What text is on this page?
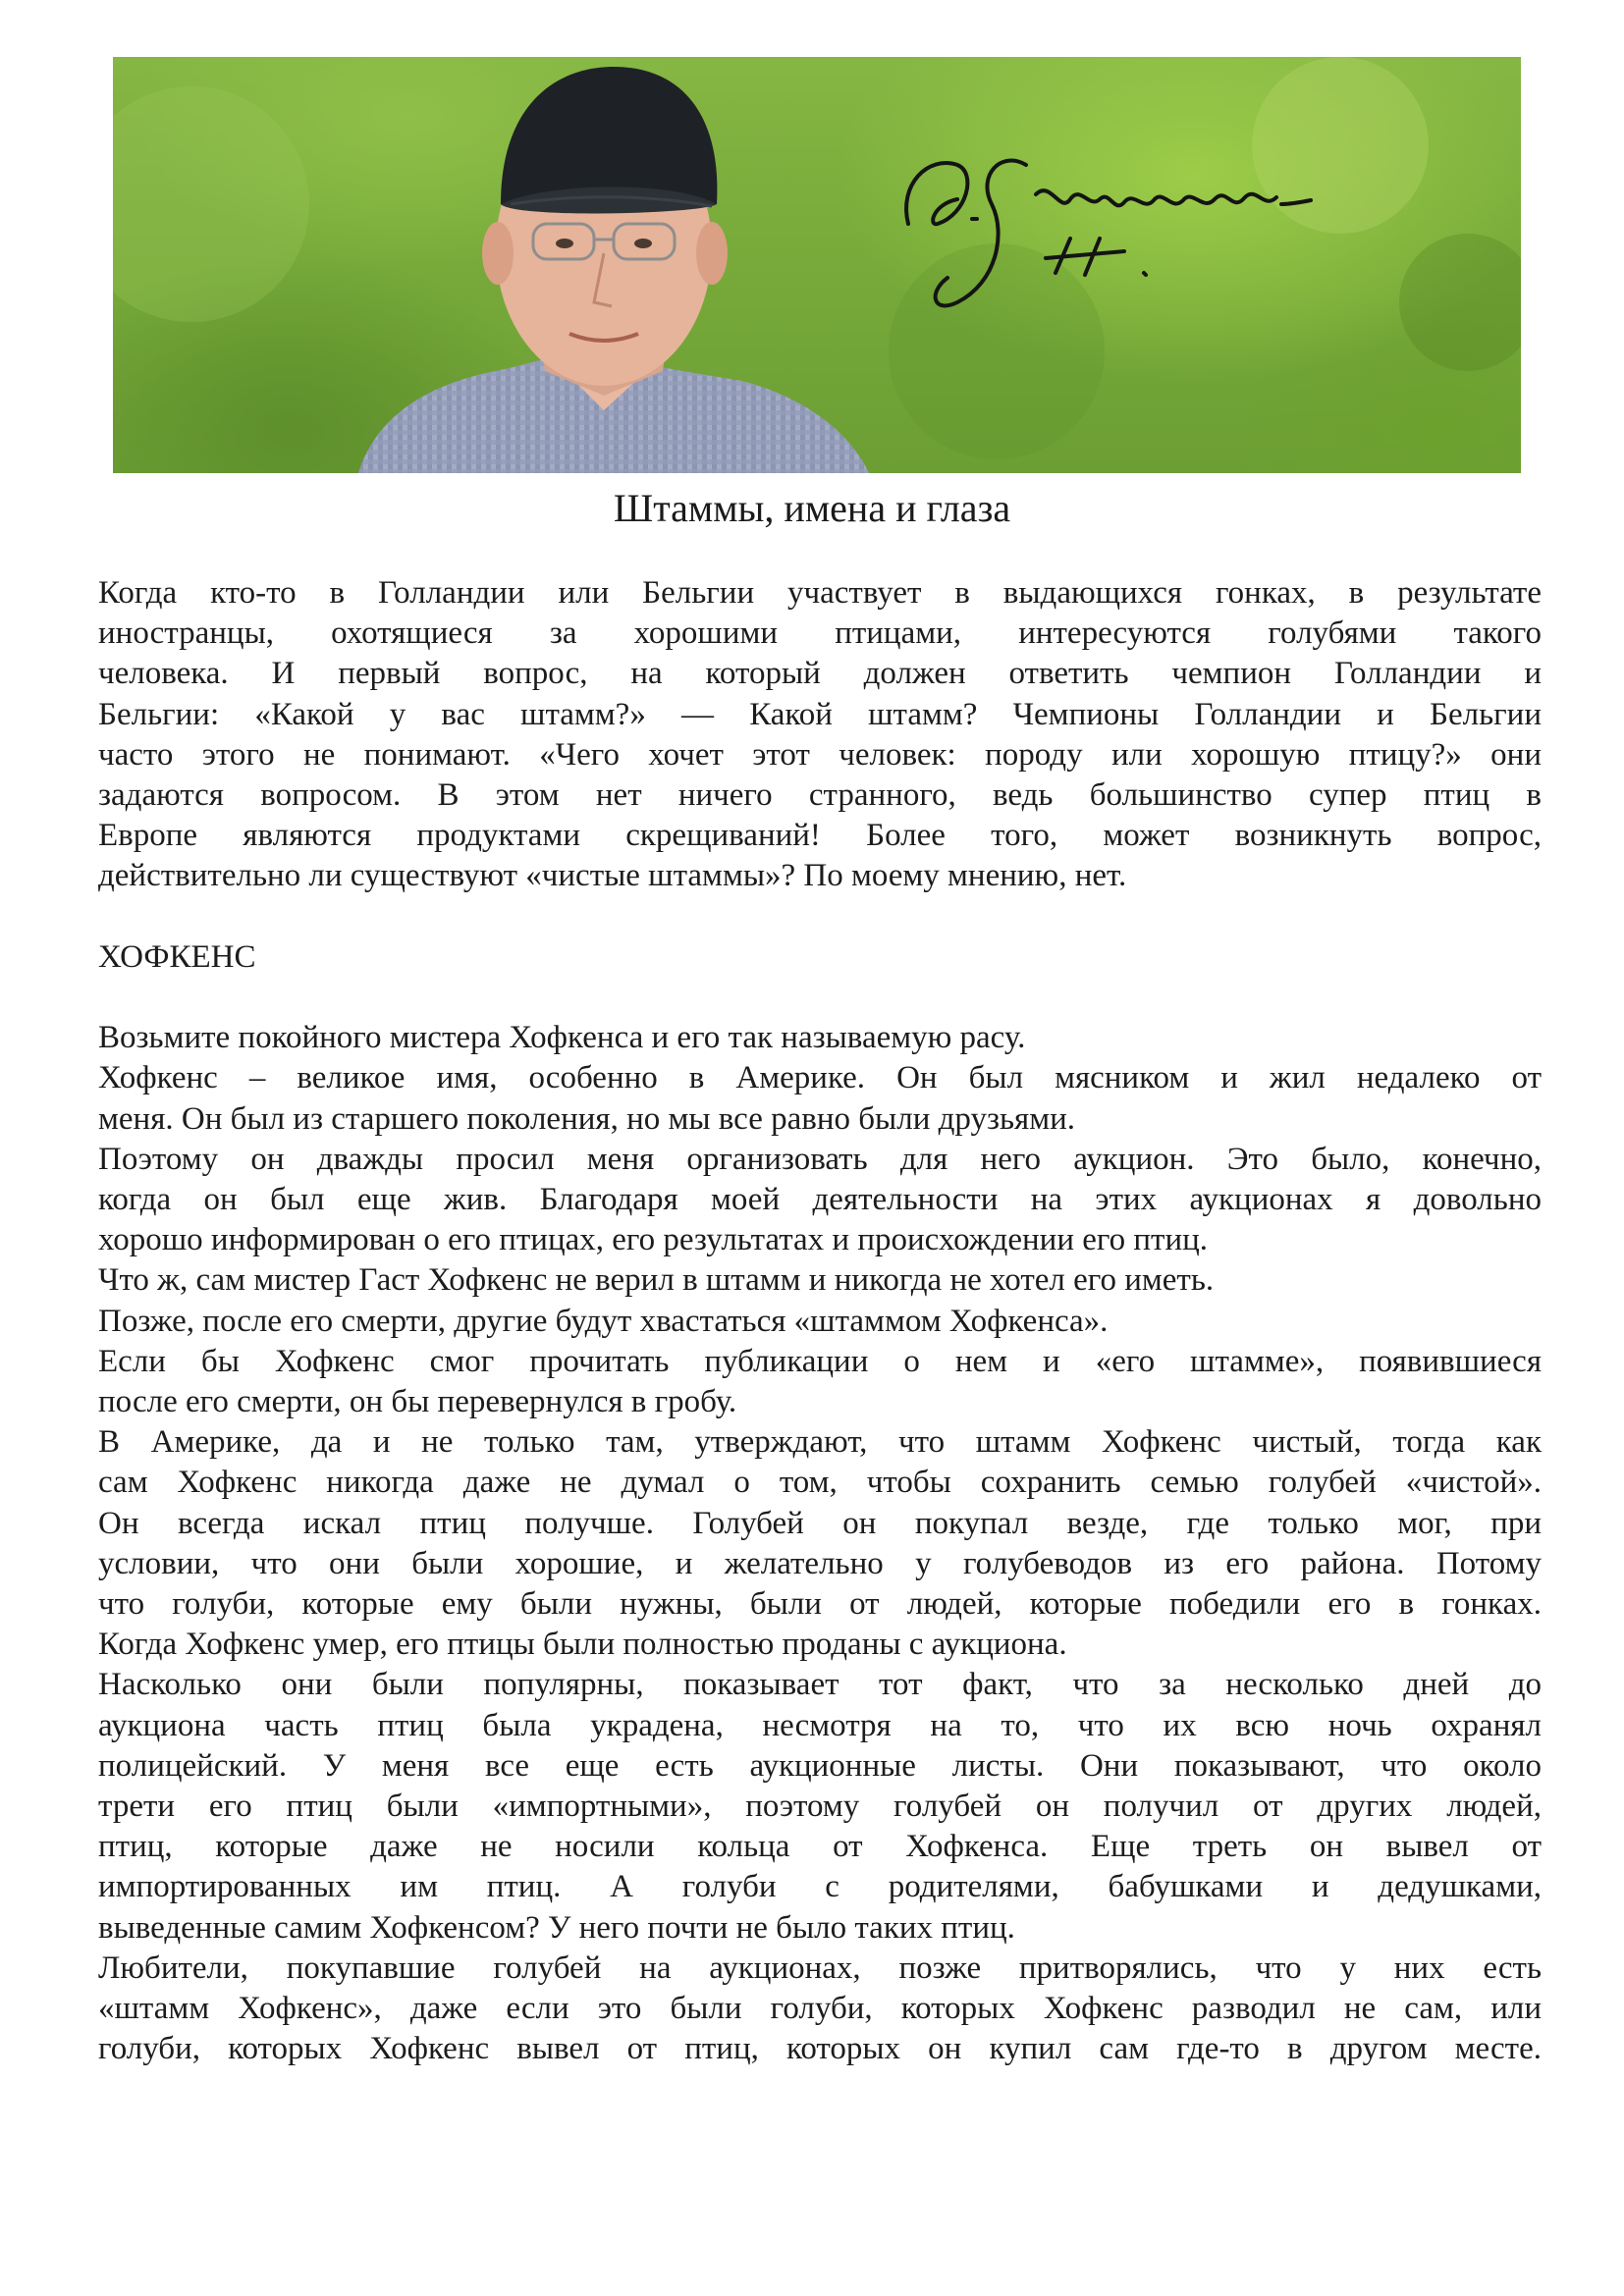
Штаммы, имена и глаза
Когда кто-то в Голландии или Бельгии участвует в выдающихся гонках, в результате
иностранцы, охотящиеся за хорошими птицами, интересуются голубями такого
человека. И первый вопрос, на который должен ответить чемпион Голландии и
Бельгии: «Какой у вас штамм?» — Какой штамм? Чемпионы Голландии и Бельгии
часто этого не понимают. «Чего хочет этот человек: породу или хорошую птицу?» они
задаются вопросом. В этом нет ничего странного, ведь большинство супер птиц в
Европе являются продуктами скрещиваний! Более того, может возникнуть вопрос,
действительно ли существуют «чистые штаммы»? По моему мнению, нет.
ХОФКЕНС
Возьмите покойного мистера Хофкенса и его так называемую расу.
Хофкенс – великое имя, особенно в Америке. Он был мясником и жил недалеко от
меня. Он был из старшего поколения, но мы все равно были друзьями.
Поэтому он дважды просил меня организовать для него аукцион. Это было, конечно,
когда он был еще жив. Благодаря моей деятельности на этих аукционах я довольно
хорошо информирован о его птицах, его результатах и происхождении его птиц.
Что ж, сам мистер Гаст Хофкенс не верил в штамм и никогда не хотел его иметь.
Позже, после его смерти, другие будут хвастаться «штаммом Хофкенса».
Если бы Хофкенс смог прочитать публикации о нем и «его штамме», появившиеся
после его смерти, он бы перевернулся в гробу.
В Америке, да и не только там, утверждают, что штамм Хофкенс чистый, тогда как
сам Хофкенс никогда даже не думал о том, чтобы сохранить семью голубей «чистой».
Он всегда искал птиц получше. Голубей он покупал везде, где только мог, при
условии, что они были хорошие, и желательно у голубеводов из его района. Потому
что голуби, которые ему были нужны, были от людей, которые победили его в гонках.
Когда Хофкенс умер, его птицы были полностью проданы с аукциона.
Насколько они были популярны, показывает тот факт, что за несколько дней до
аукциона часть птиц была украдена, несмотря на то, что их всю ночь охранял
полицейский. У меня все еще есть аукционные листы. Они показывают, что около
трети его птиц были «импортными», поэтому голубей он получил от других людей,
птиц, которые даже не носили кольца от Хофкенса. Еще треть он вывел от
импортированных им птиц. А голуби с родителями, бабушками и дедушками,
выведенные самим Хофкенсом? У него почти не было таких птиц.
Любители, покупавшие голубей на аукционах, позже притворялись, что у них есть
«штамм Хофкенс», даже если это были голуби, которых Хофкенс разводил не сам, или
голуби, которых Хофкенс вывел от птиц, которых он купил сам где-то в другом месте.
